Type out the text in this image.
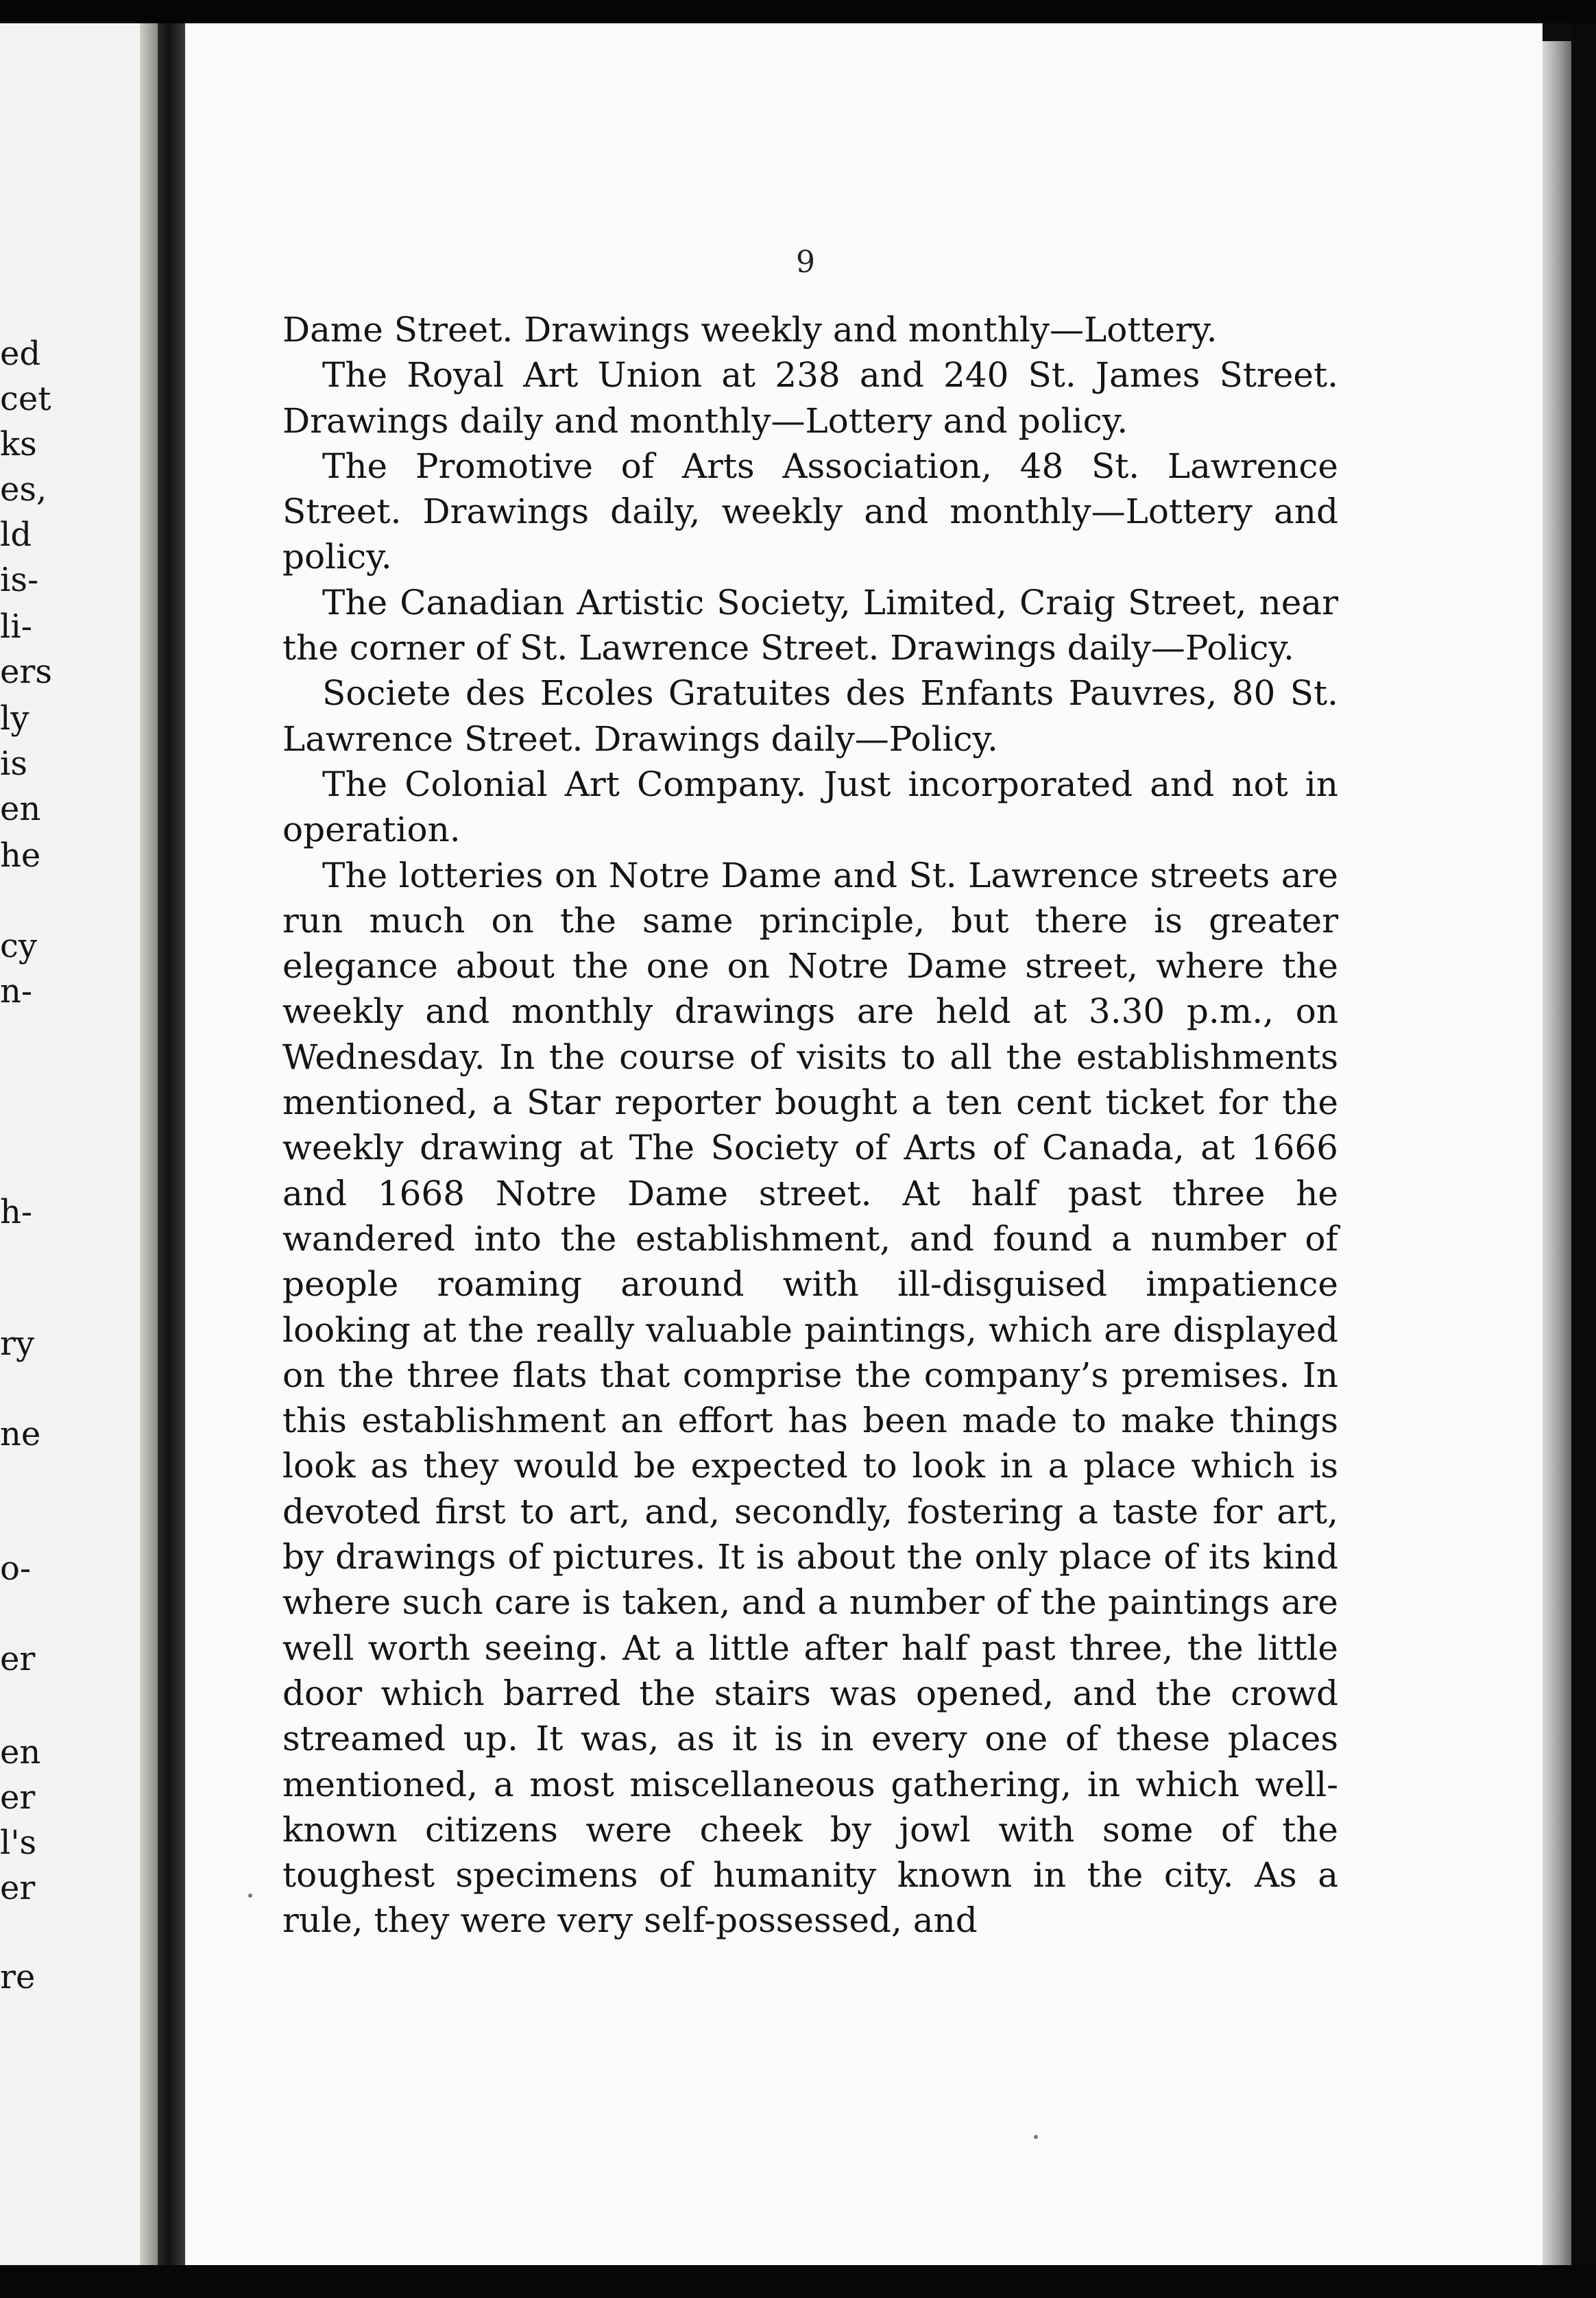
ed

cet

ks

es,

ld

is-

li-

ers

ly

is

en

he

cy

n-

h-

ry

ne

o-

er

en

er

l's

er

re

9

Dame Street. Drawings weekly and monthly—Lottery.

The Royal Art Union at 238 and 240 St. James Street. Drawings daily and monthly—Lottery and policy.

The Promotive of Arts Association, 48 St. Lawrence Street. Drawings daily, weekly and monthly—Lottery and policy.

The Canadian Artistic Society, Limited, Craig Street, near the corner of St. Lawrence Street. Drawings daily—Policy.

Societe des Ecoles Gratuites des Enfants Pauvres, 80 St. Lawrence Street. Drawings daily—Policy.

The Colonial Art Company. Just incorporated and not in operation.

The lotteries on Notre Dame and St. Lawrence streets are run much on the same principle, but there is greater elegance about the one on Notre Dame street, where the weekly and monthly drawings are held at 3.30 p.m., on Wednesday. In the course of visits to all the establishments mentioned, a Star reporter bought a ten cent ticket for the weekly drawing at The Society of Arts of Canada, at 1666 and 1668 Notre Dame street. At half past three he wandered into the establishment, and found a number of people roaming around with ill-disguised impatience looking at the really valuable paintings, which are displayed on the three flats that comprise the company’s premises. In this establishment an effort has been made to make things look as they would be expected to look in a place which is devoted first to art, and, secondly, fostering a taste for art, by drawings of pictures. It is about the only place of its kind where such care is taken, and a number of the paintings are well worth seeing. At a little after half past three, the little door which barred the stairs was opened, and the crowd streamed up. It was, as it is in every one of these places mentioned, a most miscellaneous gathering, in which well-known citizens were cheek by jowl with some of the toughest specimens of humanity known in the city. As a rule, they were very self-possessed, and
